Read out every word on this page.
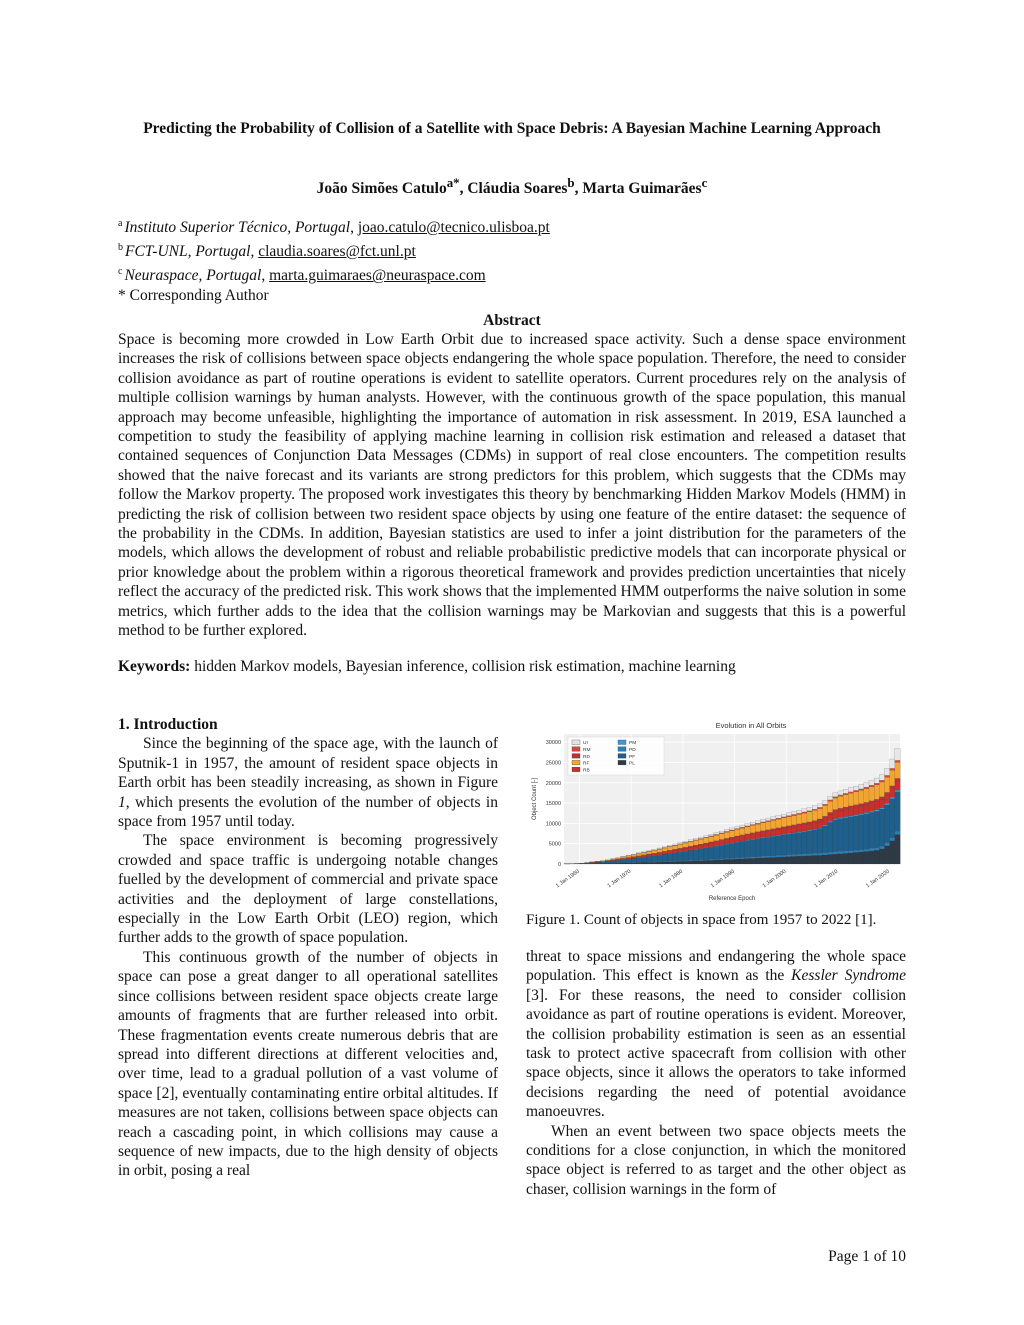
Predicting the Probability of Collision of a Satellite with Space Debris: A Bayesian Machine Learning Approach
João Simões Catulo$^{a*}$, Cláudia Soares$^b$, Marta Guimarães$^c$
$^a$ Instituto Superior Técnico, Portugal, joao.catulo@tecnico.ulisboa.pt
$^b$ FCT-UNL, Portugal, claudia.soares@fct.unl.pt
$^c$ Neuraspace, Portugal, marta.guimaraes@neuraspace.com
* Corresponding Author
Abstract
Space is becoming more crowded in Low Earth Orbit due to increased space activity. Such a dense space environment increases the risk of collisions between space objects endangering the whole space population. Therefore, the need to consider collision avoidance as part of routine operations is evident to satellite operators. Current procedures rely on the analysis of multiple collision warnings by human analysts. However, with the continuous growth of the space population, this manual approach may become unfeasible, highlighting the importance of automation in risk assessment. In 2019, ESA launched a competition to study the feasibility of applying machine learning in collision risk estimation and released a dataset that contained sequences of Conjunction Data Messages (CDMs) in support of real close encounters. The competition results showed that the naive forecast and its variants are strong predictors for this problem, which suggests that the CDMs may follow the Markov property. The proposed work investigates this theory by benchmarking Hidden Markov Models (HMM) in predicting the risk of collision between two resident space objects by using one feature of the entire dataset: the sequence of the probability in the CDMs. In addition, Bayesian statistics are used to infer a joint distribution for the parameters of the models, which allows the development of robust and reliable probabilistic predictive models that can incorporate physical or prior knowledge about the problem within a rigorous theoretical framework and provides prediction uncertainties that nicely reflect the accuracy of the predicted risk. This work shows that the implemented HMM outperforms the naive solution in some metrics, which further adds to the idea that the collision warnings may be Markovian and suggests that this is a powerful method to be further explored.
Keywords: hidden Markov models, Bayesian inference, collision risk estimation, machine learning

1. Introduction

Since the beginning of the space age, with the launch of Sputnik-1 in 1957, the amount of resident space objects in Earth orbit has been steadily increasing, as shown in Figure 1, which presents the evolution of the number of objects in space from 1957 until today.

The space environment is becoming progressively crowded and space traffic is undergoing notable changes fuelled by the development of commercial and private space activities and the deployment of large constellations, especially in the Low Earth Orbit (LEO) region, which further adds to the growth of space population.

This continuous growth of the number of objects in space can pose a great danger to all operational satellites since collisions between resident space objects create large amounts of fragments that are further released into orbit. These fragmentation events create numerous debris that are spread into different directions at different velocities and, over time, lead to a gradual pollution of a vast volume of space [2], eventually contaminating entire orbital altitudes. If measures are not taken, collisions between space objects can reach a cascading point, in which collisions may cause a sequence of new impacts, due to the high density of objects in orbit, posing a real

Evolution in All Orbits
0
5000
10000
15000
20000
25000
30000
1 Jan 1960	1 Jan 1970	1 Jan 1980	1 Jan 1990	1 Jan 2000	1 Jan 2010	1 Jan 2020
Object Count [-]
Reference Epoch
UI
RM
RD
RF
RB
PM
PD
PF
PL
Figure 1. Count of objects in space from 1957 to 2022 [1].

threat to space missions and endangering the whole space population. This effect is known as the Kessler Syndrome [3]. For these reasons, the need to consider collision avoidance as part of routine operations is evident. Moreover, the collision probability estimation is seen as an essential task to protect active spacecraft from collision with other space objects, since it allows the operators to take informed decisions regarding the need of potential avoidance manoeuvres.

When an event between two space objects meets the conditions for a close conjunction, in which the monitored space object is referred to as target and the other object as chaser, collision warnings in the form of

Page 1 of 10
